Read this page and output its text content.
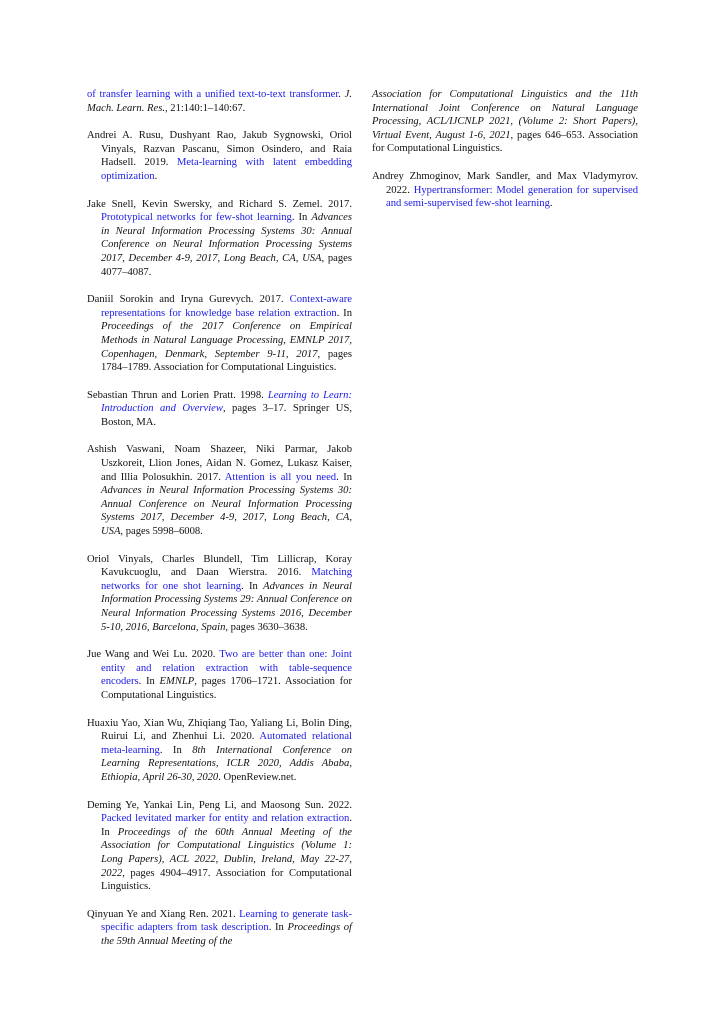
of transfer learning with a unified text-to-text transformer. J. Mach. Learn. Res., 21:140:1–140:67.

Andrei A. Rusu, Dushyant Rao, Jakub Sygnowski, Oriol Vinyals, Razvan Pascanu, Simon Osindero, and Raia Hadsell. 2019. Meta-learning with latent embedding optimization.

Jake Snell, Kevin Swersky, and Richard S. Zemel. 2017. Prototypical networks for few-shot learning. In Advances in Neural Information Processing Systems 30: Annual Conference on Neural Information Processing Systems 2017, December 4-9, 2017, Long Beach, CA, USA, pages 4077–4087.

Daniil Sorokin and Iryna Gurevych. 2017. Context-aware representations for knowledge base relation extraction. In Proceedings of the 2017 Conference on Empirical Methods in Natural Language Processing, EMNLP 2017, Copenhagen, Denmark, September 9-11, 2017, pages 1784–1789. Association for Computational Linguistics.

Sebastian Thrun and Lorien Pratt. 1998. Learning to Learn: Introduction and Overview, pages 3–17. Springer US, Boston, MA.

Ashish Vaswani, Noam Shazeer, Niki Parmar, Jakob Uszkoreit, Llion Jones, Aidan N. Gomez, Lukasz Kaiser, and Illia Polosukhin. 2017. Attention is all you need. In Advances in Neural Information Processing Systems 30: Annual Conference on Neural Information Processing Systems 2017, December 4-9, 2017, Long Beach, CA, USA, pages 5998–6008.

Oriol Vinyals, Charles Blundell, Tim Lillicrap, Koray Kavukcuoglu, and Daan Wierstra. 2016. Matching networks for one shot learning. In Advances in Neural Information Processing Systems 29: Annual Conference on Neural Information Processing Systems 2016, December 5-10, 2016, Barcelona, Spain, pages 3630–3638.

Jue Wang and Wei Lu. 2020. Two are better than one: Joint entity and relation extraction with table-sequence encoders. In EMNLP, pages 1706–1721. Association for Computational Linguistics.

Huaxiu Yao, Xian Wu, Zhiqiang Tao, Yaliang Li, Bolin Ding, Ruirui Li, and Zhenhui Li. 2020. Automated relational meta-learning. In 8th International Conference on Learning Representations, ICLR 2020, Addis Ababa, Ethiopia, April 26-30, 2020. OpenReview.net.

Deming Ye, Yankai Lin, Peng Li, and Maosong Sun. 2022. Packed levitated marker for entity and relation extraction. In Proceedings of the 60th Annual Meeting of the Association for Computational Linguistics (Volume 1: Long Papers), ACL 2022, Dublin, Ireland, May 22-27, 2022, pages 4904–4917. Association for Computational Linguistics.

Qinyuan Ye and Xiang Ren. 2021. Learning to generate task-specific adapters from task description. In Proceedings of the 59th Annual Meeting of the

Association for Computational Linguistics and the 11th International Joint Conference on Natural Language Processing, ACL/IJCNLP 2021, (Volume 2: Short Papers), Virtual Event, August 1-6, 2021, pages 646–653. Association for Computational Linguistics.

Andrey Zhmoginov, Mark Sandler, and Max Vladymyrov. 2022. Hypertransformer: Model generation for supervised and semi-supervised few-shot learning.
